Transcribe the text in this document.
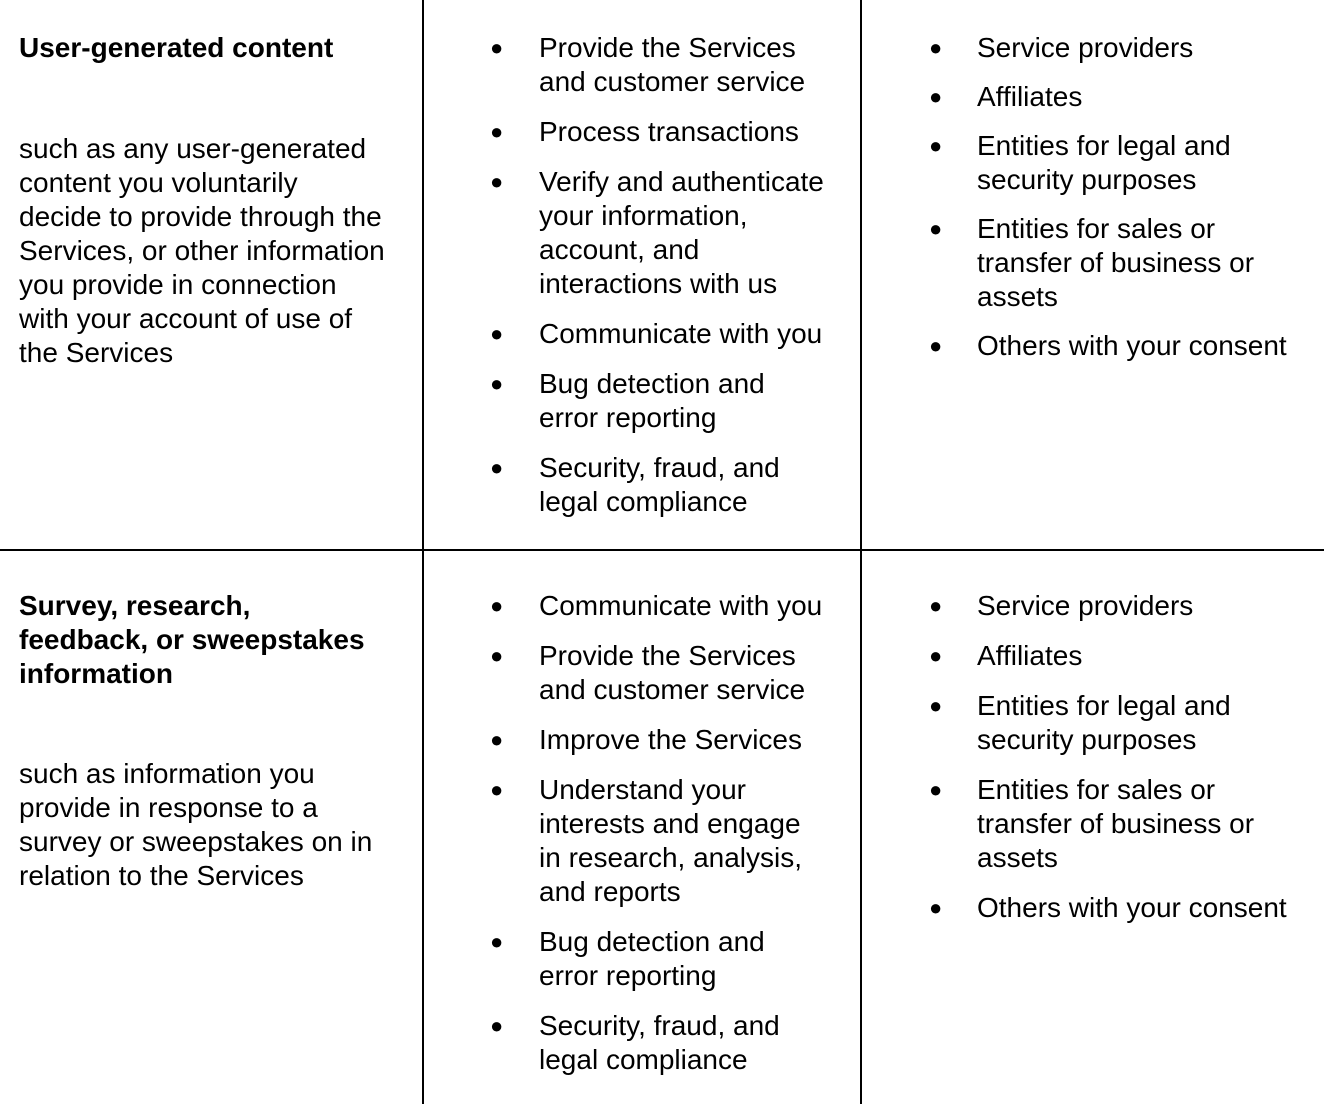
User-generated content

such as any user-generated
content you voluntarily
decide to provide through the
Services, or other information
you provide in connection
with your account of use of
the Services

● Provide the Services
and customer service
● Process transactions
● Verify and authenticate
your information,
account, and
interactions with us
● Communicate with you
● Bug detection and
error reporting
● Security, fraud, and
legal compliance
● Service providers
● Affiliates
● Entities for legal and
security purposes
● Entities for sales or
transfer of business or
assets
● Others with your consent

Survey, research,
feedback, or sweepstakes
information

such as information you
provide in response to a
survey or sweepstakes on in
relation to the Services

● Communicate with you
● Provide the Services
and customer service
● Improve the Services
● Understand your
interests and engage
in research, analysis,
and reports
● Bug detection and
error reporting
● Security, fraud, and
legal compliance
● Service providers
● Affiliates
● Entities for legal and
security purposes
● Entities for sales or
transfer of business or
assets
● Others with your consent
